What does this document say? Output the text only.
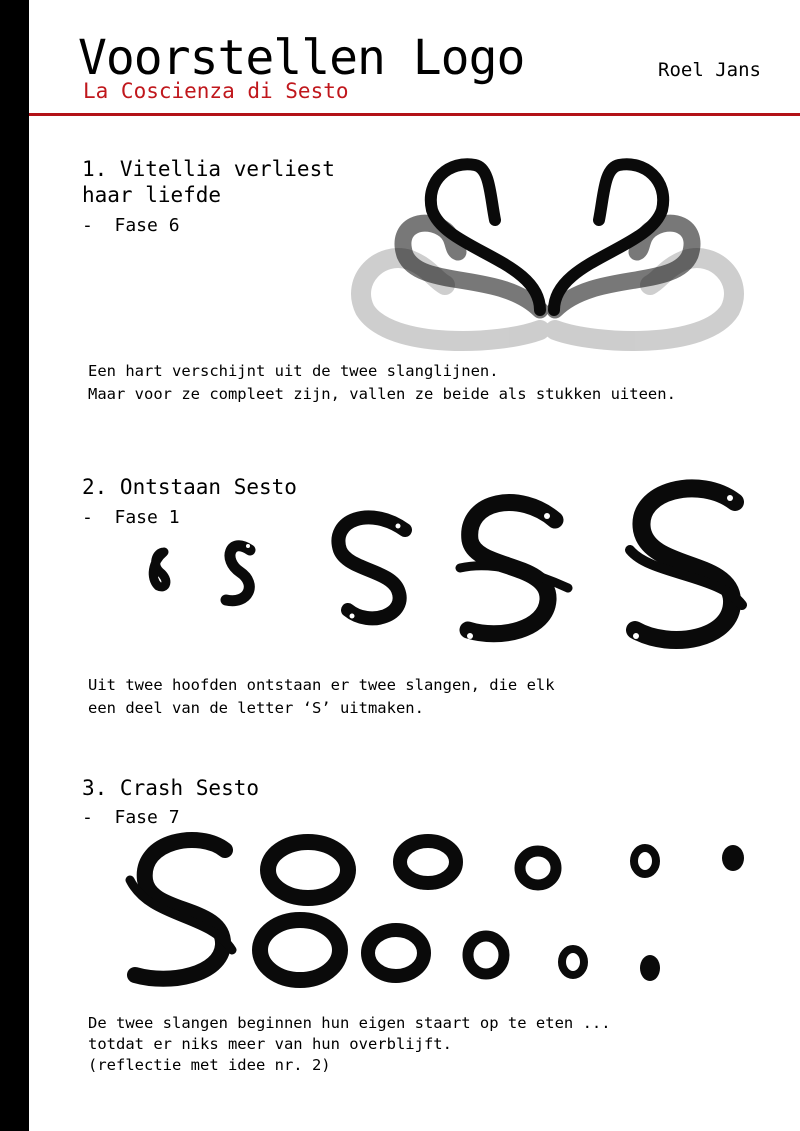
Voorstellen Logo
La Coscienza di Sesto
Roel Jans
1. Vitellia verliest
haar liefde
-  Fase 6
Een hart verschijnt uit de twee slanglijnen.
Maar voor ze compleet zijn, vallen ze beide als stukken uiteen.
2. Ontstaan Sesto
-  Fase 1
Uit twee hoofden ontstaan er twee slangen, die elk
een deel van de letter ‘S’ uitmaken.
3. Crash Sesto
-  Fase 7
De twee slangen beginnen hun eigen staart op te eten ...
totdat er niks meer van hun overblijft.
(reflectie met idee nr. 2)
